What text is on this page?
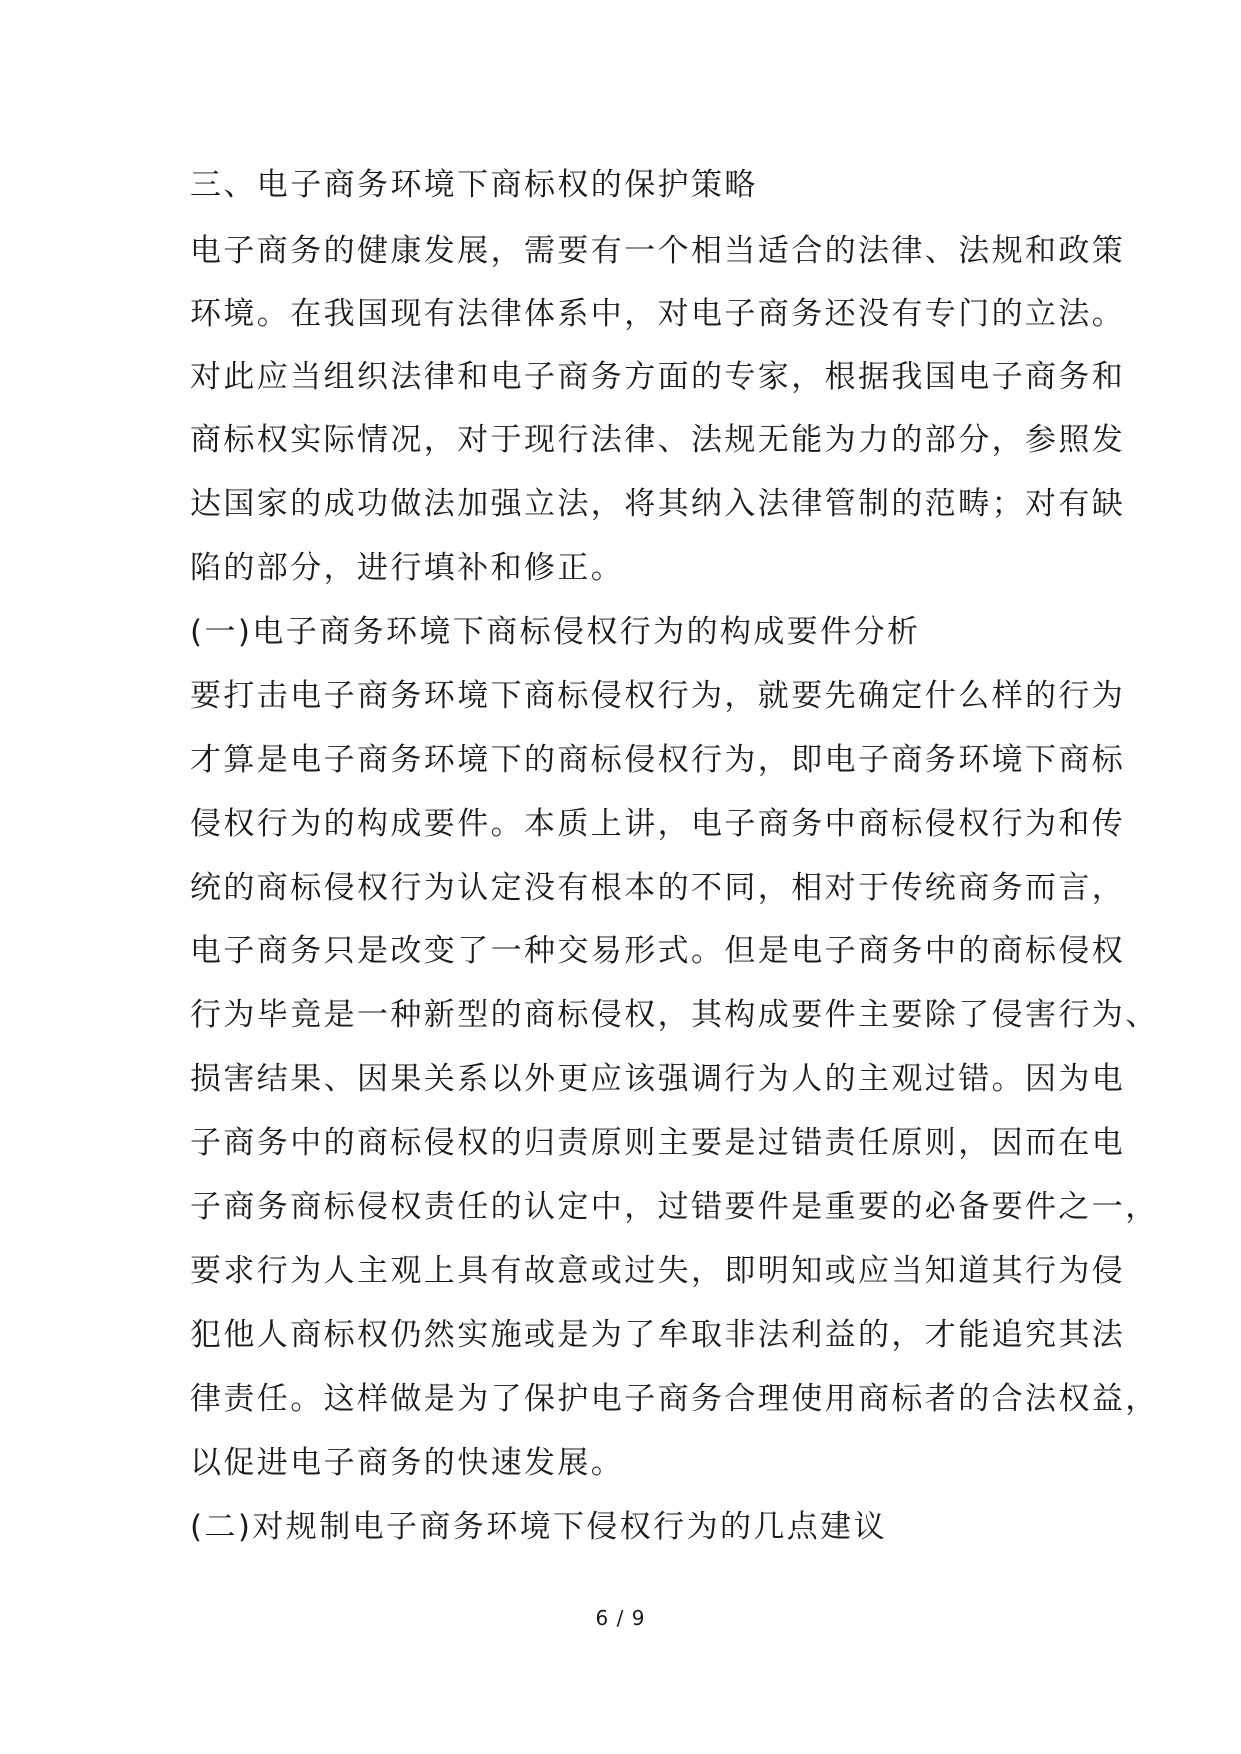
三、电子商务环境下商标权的保护策略
电子商务的健康发展，需要有一个相当适合的法律、法规和政策
环境。在我国现有法律体系中，对电子商务还没有专门的立法。
对此应当组织法律和电子商务方面的专家，根据我国电子商务和
商标权实际情况，对于现行法律、法规无能为力的部分，参照发
达国家的成功做法加强立法，将其纳入法律管制的范畴；对有缺
陷的部分，进行填补和修正。
(一)电子商务环境下商标侵权行为的构成要件分析
要打击电子商务环境下商标侵权行为，就要先确定什么样的行为
才算是电子商务环境下的商标侵权行为，即电子商务环境下商标
侵权行为的构成要件。本质上讲，电子商务中商标侵权行为和传
统的商标侵权行为认定没有根本的不同，相对于传统商务而言，
电子商务只是改变了一种交易形式。但是电子商务中的商标侵权
行为毕竟是一种新型的商标侵权，其构成要件主要除了侵害行为、
损害结果、因果关系以外更应该强调行为人的主观过错。因为电
子商务中的商标侵权的归责原则主要是过错责任原则，因而在电
子商务商标侵权责任的认定中，过错要件是重要的必备要件之一，
要求行为人主观上具有故意或过失，即明知或应当知道其行为侵
犯他人商标权仍然实施或是为了牟取非法利益的，才能追究其法
律责任。这样做是为了保护电子商务合理使用商标者的合法权益，
以促进电子商务的快速发展。
(二)对规制电子商务环境下侵权行为的几点建议
6 / 9
